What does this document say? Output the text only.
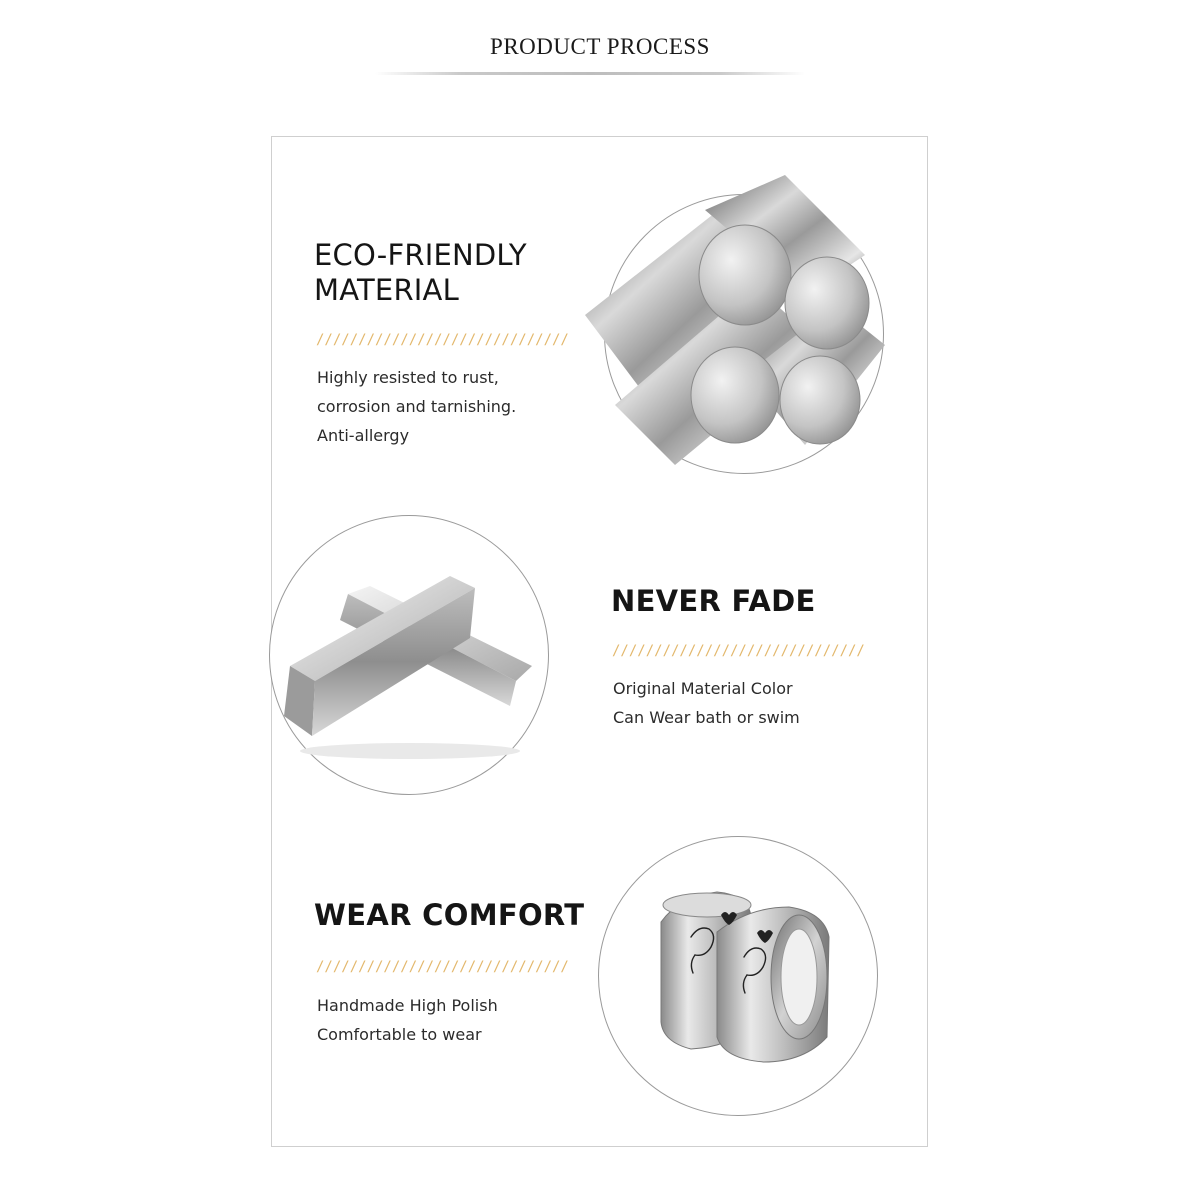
PRODUCT PROCESS
ECO-FRIENDLY
MATERIAL
//////////////////////////////
Highly resisted to rust,
corrosion and tarnishing.
Anti-allergy
NEVER FADE
//////////////////////////////
Original Material Color
Can Wear bath or swim
WEAR COMFORT
//////////////////////////////
Handmade High Polish
Comfortable to wear
